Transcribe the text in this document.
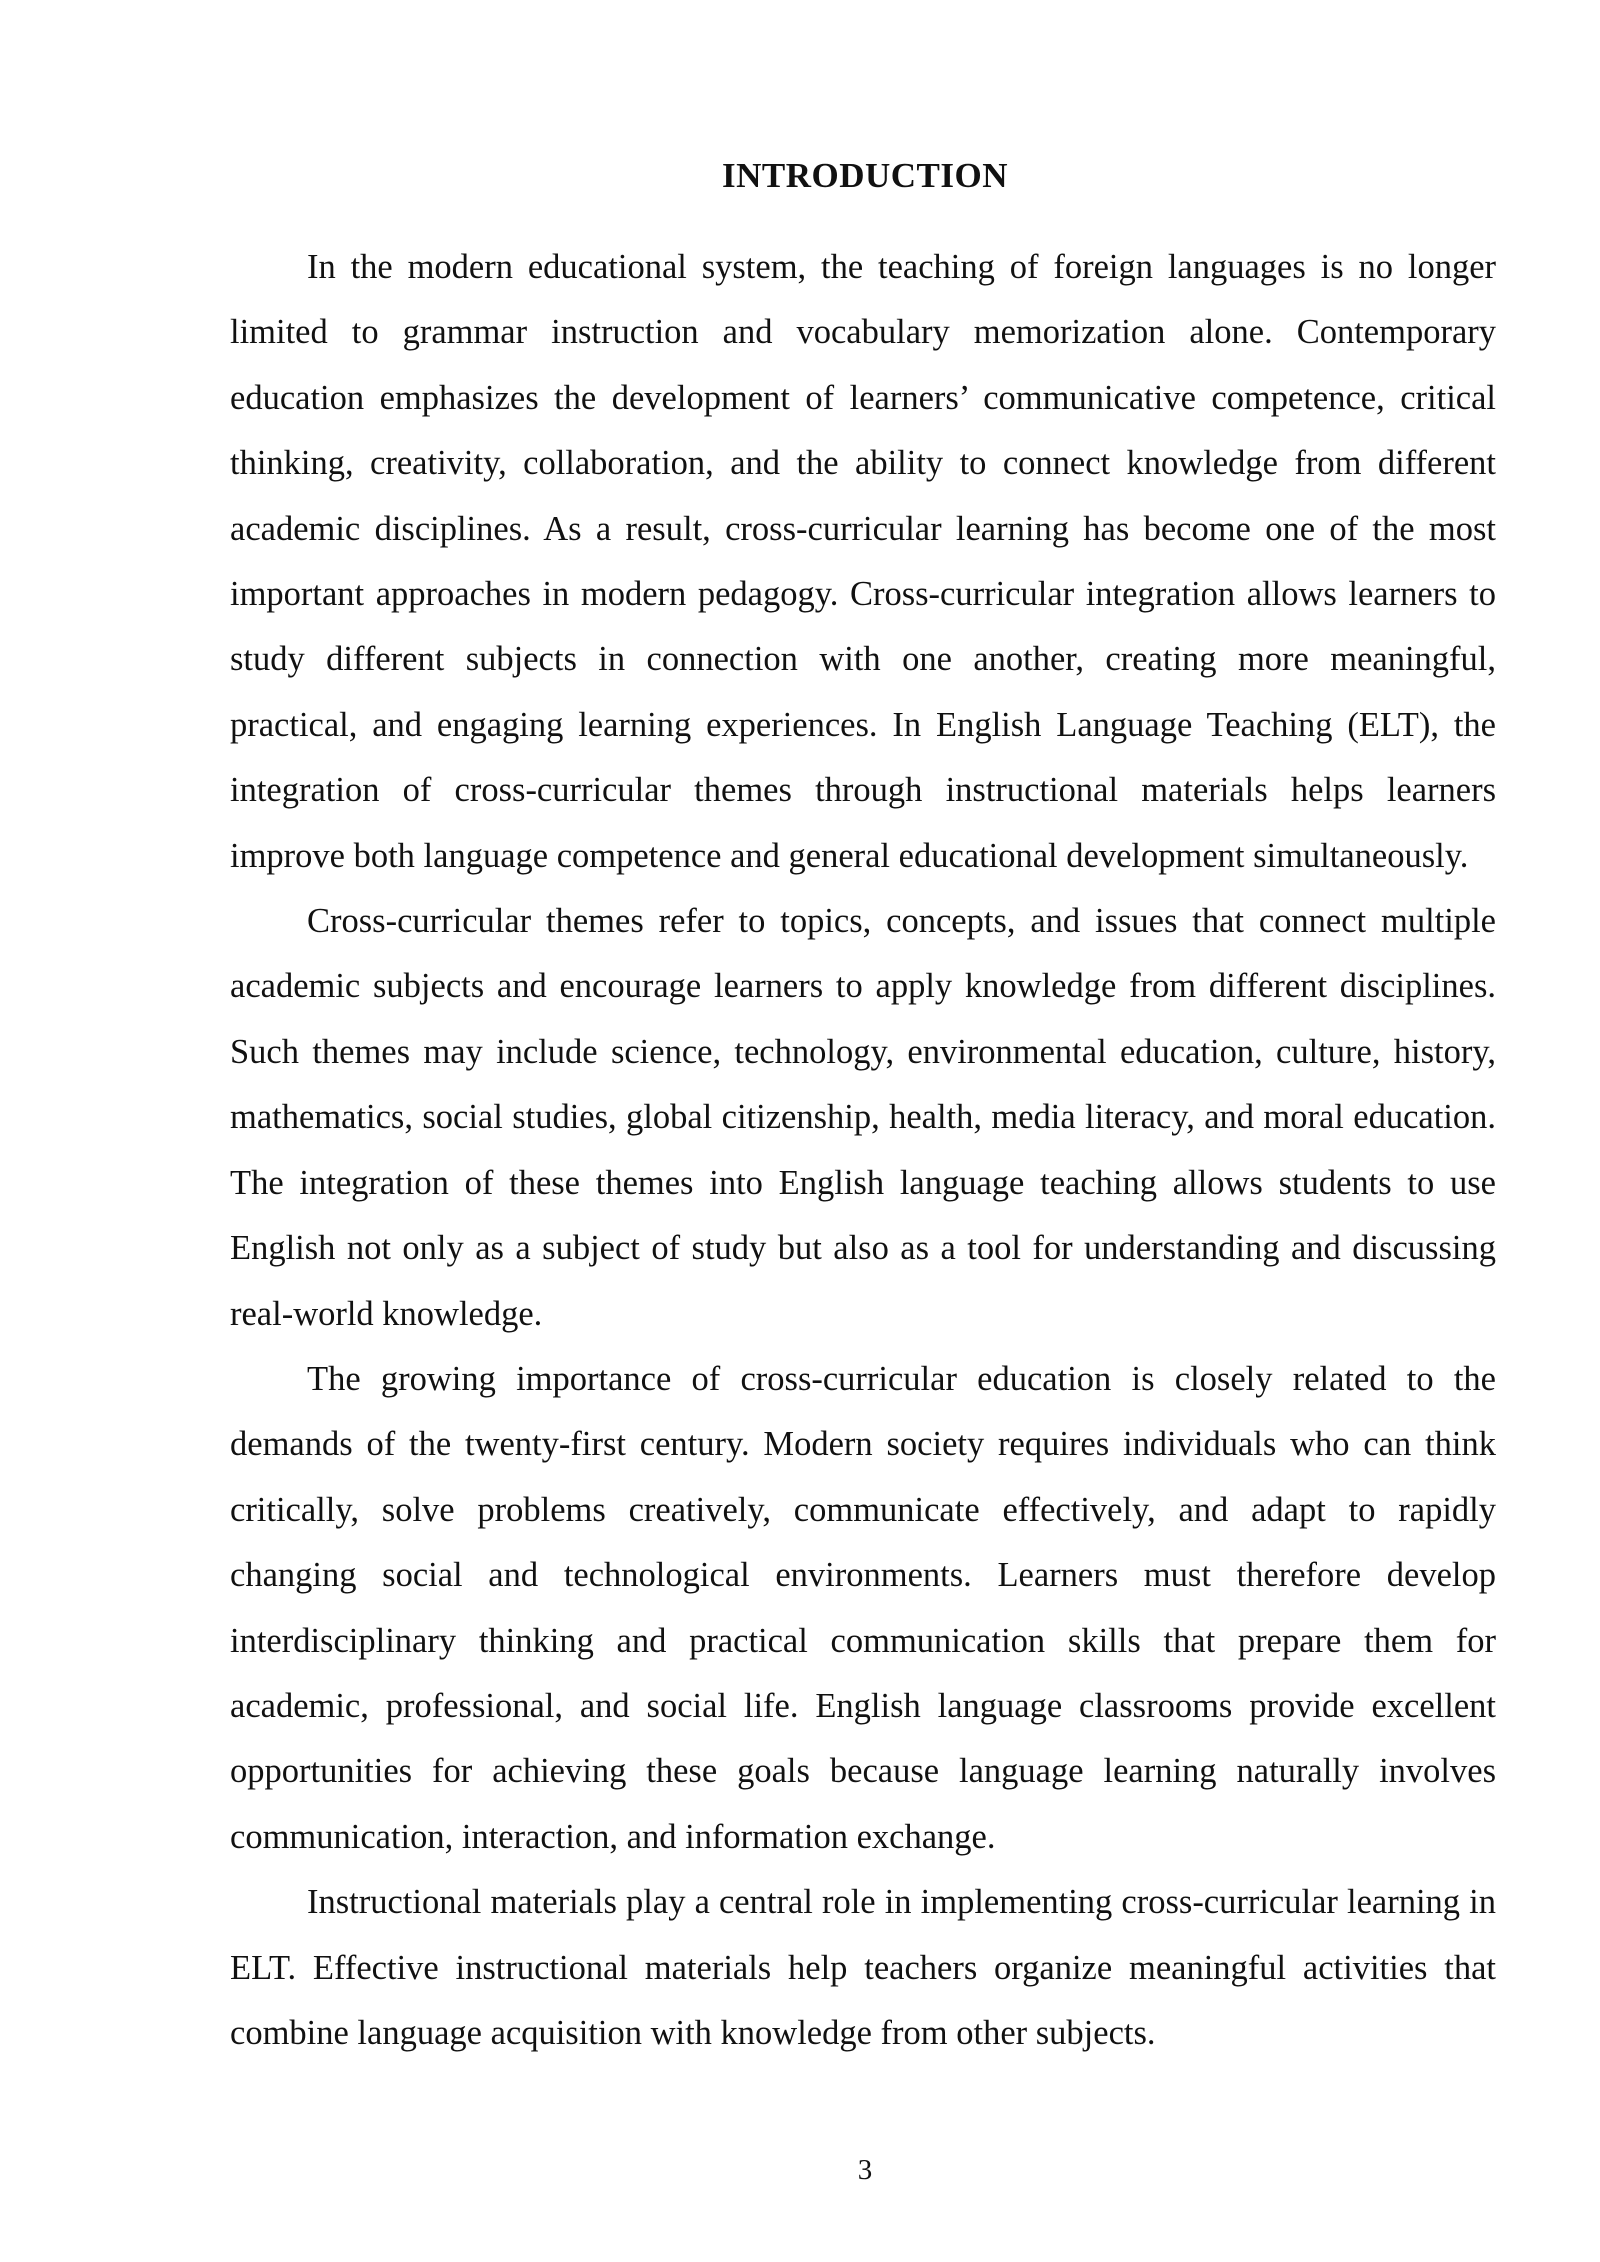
INTRODUCTION

In the modern educational system, the teaching of foreign languages is no longer limited to grammar instruction and vocabulary memorization alone. Contemporary education emphasizes the development of learners’ communicative competence, critical thinking, creativity, collaboration, and the ability to connect knowledge from different academic disciplines. As a result, cross-curricular learning has become one of the most important approaches in modern pedagogy. Cross-curricular integration allows learners to study different subjects in connection with one another, creating more meaningful, practical, and engaging learning experiences. In English Language Teaching (ELT), the integration of cross-curricular themes through instructional materials helps learners improve both language competence and general educational development simultaneously.

Cross-curricular themes refer to topics, concepts, and issues that connect multiple academic subjects and encourage learners to apply knowledge from different disciplines. Such themes may include science, technology, environmental education, culture, history, mathematics, social studies, global citizenship, health, media literacy, and moral education. The integration of these themes into English language teaching allows students to use English not only as a subject of study but also as a tool for understanding and discussing real-world knowledge.

The growing importance of cross-curricular education is closely related to the demands of the twenty-first century. Modern society requires individuals who can think critically, solve problems creatively, communicate effectively, and adapt to rapidly changing social and technological environments. Learners must therefore develop interdisciplinary thinking and practical communication skills that prepare them for academic, professional, and social life. English language classrooms provide excellent opportunities for achieving these goals because language learning naturally involves communication, interaction, and information exchange.

Instructional materials play a central role in implementing cross-curricular learning in ELT. Effective instructional materials help teachers organize meaningful activities that combine language acquisition with knowledge from other subjects.

3
